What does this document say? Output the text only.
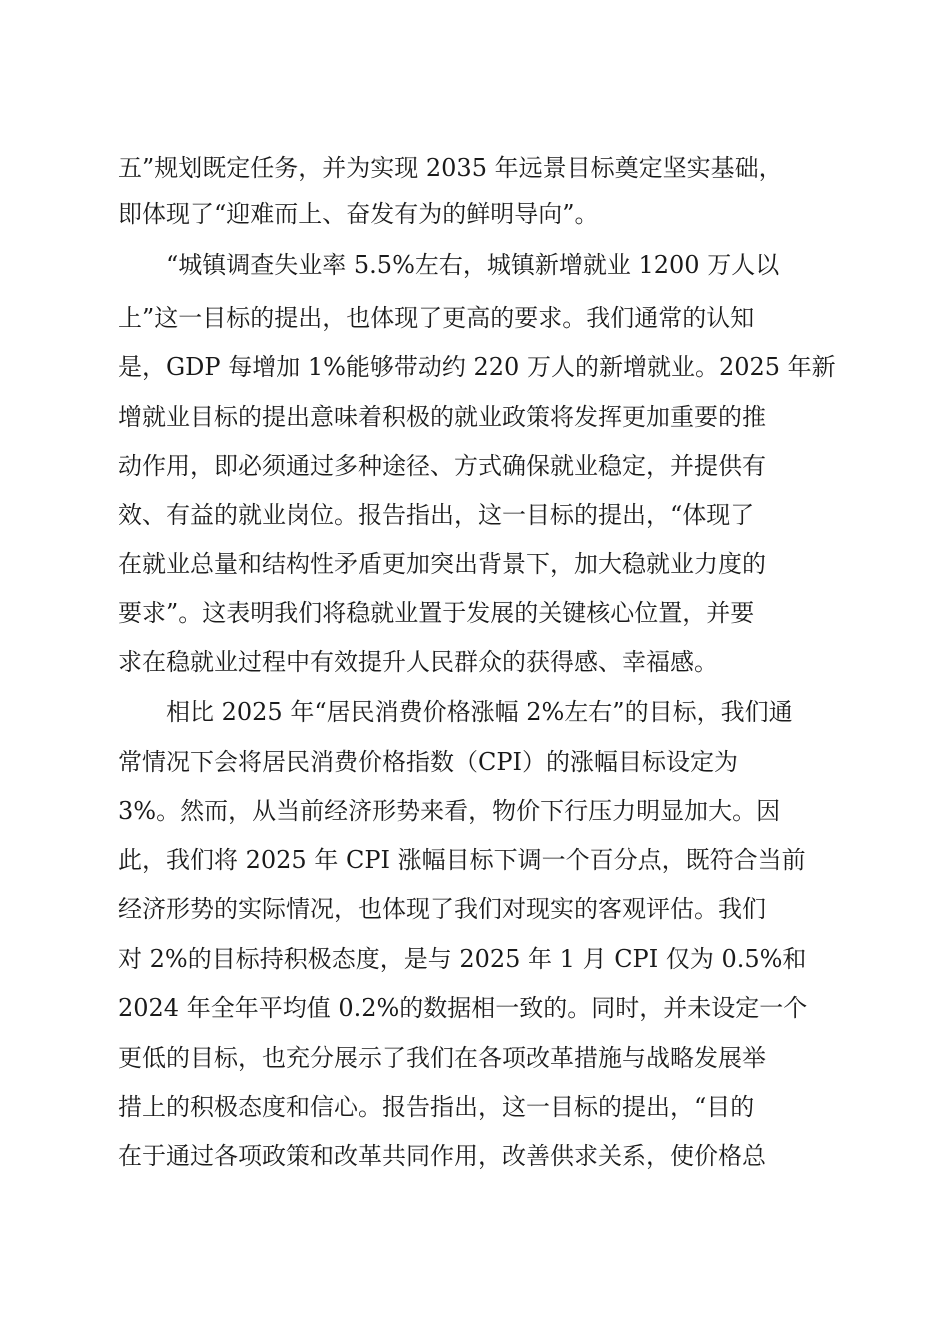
五”规划既定任务，并为实现 2035 年远景目标奠定坚实基础，
即体现了“迎难而上、奋发有为的鲜明导向”。
“城镇调查失业率 5.5%左右，城镇新增就业 1200 万人以
上”这一目标的提出，也体现了更高的要求。我们通常的认知
是，GDP 每增加 1%能够带动约 220 万人的新增就业。2025 年新
增就业目标的提出意味着积极的就业政策将发挥更加重要的推
动作用，即必须通过多种途径、方式确保就业稳定，并提供有
效、有益的就业岗位。报告指出，这一目标的提出，“体现了
在就业总量和结构性矛盾更加突出背景下，加大稳就业力度的
要求”。这表明我们将稳就业置于发展的关键核心位置，并要
求在稳就业过程中有效提升人民群众的获得感、幸福感。
相比 2025 年“居民消费价格涨幅 2%左右”的目标，我们通
常情况下会将居民消费价格指数（CPI）的涨幅目标设定为
3%。然而，从当前经济形势来看，物价下行压力明显加大。因
此，我们将 2025 年 CPI 涨幅目标下调一个百分点，既符合当前
经济形势的实际情况，也体现了我们对现实的客观评估。我们
对 2%的目标持积极态度，是与 2025 年 1 月 CPI 仅为 0.5%和
2024 年全年平均值 0.2%的数据相一致的。同时，并未设定一个
更低的目标，也充分展示了我们在各项改革措施与战略发展举
措上的积极态度和信心。报告指出，这一目标的提出，“目的
在于通过各项政策和改革共同作用，改善供求关系，使价格总
